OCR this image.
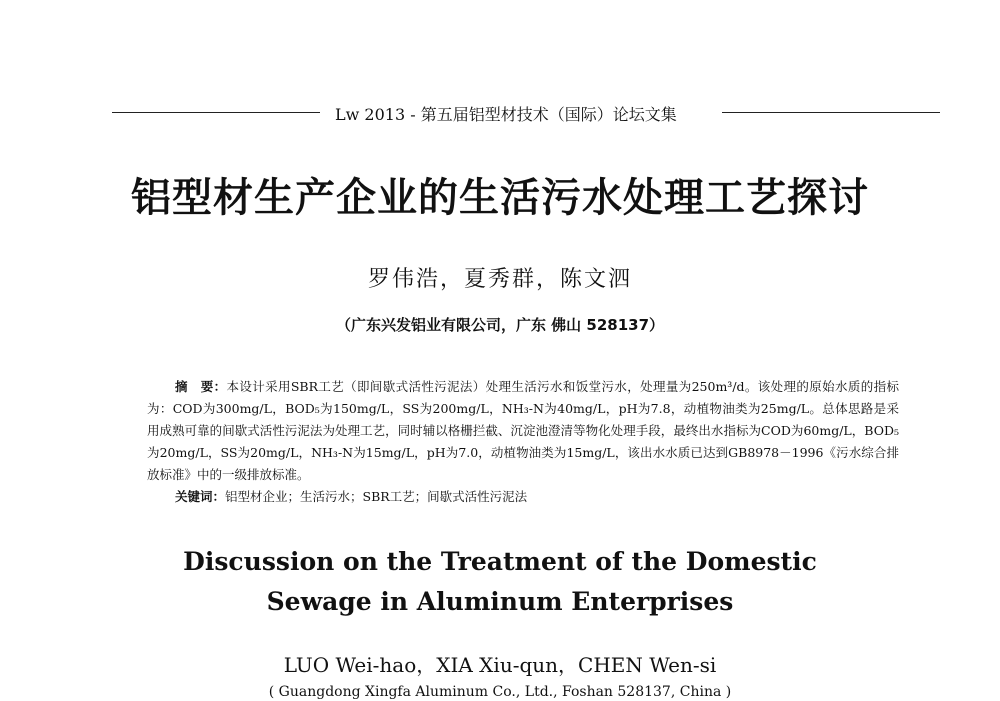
Lw 2013 - 第五届铝型材技术（国际）论坛文集
铝型材生产企业的生活污水处理工艺探讨
罗伟浩，夏秀群，陈文泗
（广东兴发铝业有限公司，广东 佛山 528137）

摘　要：本设计采用SBR工艺（即间歇式活性污泥法）处理生活污水和饭堂污水，处理量为250m³/d。该处理的原始水质的指标为：COD为300mg/L，BOD₅为150mg/L，SS为200mg/L，NH₃-N为40mg/L，pH为7.8，动植物油类为25mg/L。总体思路是采用成熟可靠的间歇式活性污泥法为处理工艺，同时辅以格栅拦截、沉淀池澄清等物化处理手段，最终出水指标为COD为60mg/L，BOD₅为20mg/L，SS为20mg/L，NH₃-N为15mg/L，pH为7.0，动植物油类为15mg/L，该出水水质已达到GB8978－1996《污水综合排放标准》中的一级排放标准。

关键词：铝型材企业；生活污水；SBR工艺；间歇式活性污泥法
Discussion on the Treatment of the Domestic
Sewage in Aluminum Enterprises
LUO Wei-hao，XIA Xiu-qun，CHEN Wen-si
( Guangdong Xingfa Aluminum Co., Ltd., Foshan 528137, China )
